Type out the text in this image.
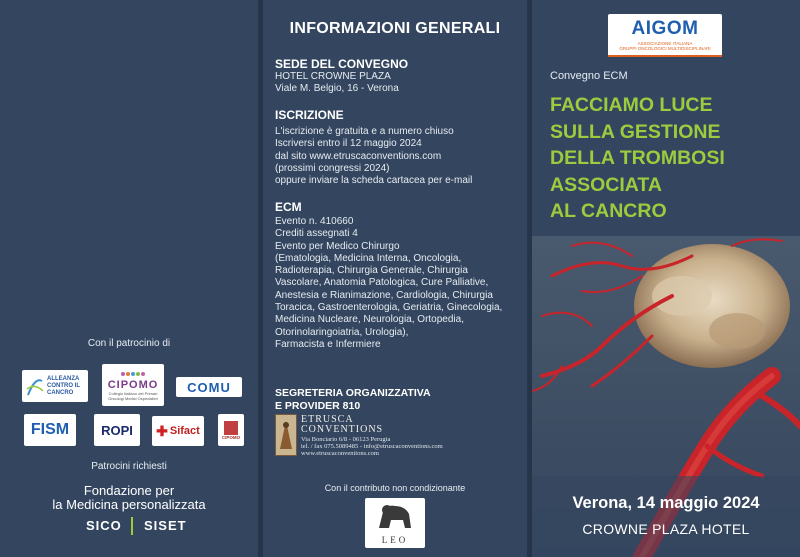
Con il patrocinio di
ALLEANZA CONTRO IL CANCRO
CIPOMO
Collegio Italiano dei Primari Oncologi Medici Ospedalieri
COMU
FISM ROPI ✚ Sifact	CIPOMO
Patrocini richiesti
Fondazione per
la Medicina personalizzata
SICO SISET
INFORMAZIONI GENERALI
SEDE DEL CONVEGNO
HOTEL CROWNE PLAZA
Viale M. Belgio, 16 - Verona
ISCRIZIONE
L'iscrizione è gratuita e a numero chiuso
Iscriversi entro il 12 maggio 2024
dal sito www.etruscaconventions.com
(prossimi congressi 2024)
oppure inviare la scheda cartacea per e-mail
ECM
Evento n. 410660
Crediti assegnati 4
Evento per Medico Chirurgo
(Ematologia, Medicina Interna, Oncologia,
Radioterapia, Chirurgia Generale, Chirurgia
Vascolare, Anatomia Patologica, Cure Palliative,
Anestesia e Rianimazione, Cardiologia, Chirurgia
Toracica, Gastroenterologia, Geriatria, Ginecologia,
Medicina Nucleare, Neurologia, Ortopedia,
Otorinolaringoiatria, Urologia),
Farmacista e Infermiere
SEGRETERIA ORGANIZZATIVA
E PROVIDER 810
ETRUSCA
CONVENTIONS
Via Bonciario 6/8 - 06123 Perugia
tel. / fax 075.5089485 - info@etruscaconventions.com
www.etruscaconventions.com
Con il contributo non condizionante
LEO
AIGOM
ASSOCIAZIONE ITALIANA
GRUPPI ONCOLOGICI MULTIDISCIPLINARI
Convegno ECM
FACCIAMO LUCE
SULLA GESTIONE
DELLA TROMBOSI
ASSOCIATA
AL CANCRO
Verona, 14 maggio 2024
CROWNE PLAZA HOTEL
